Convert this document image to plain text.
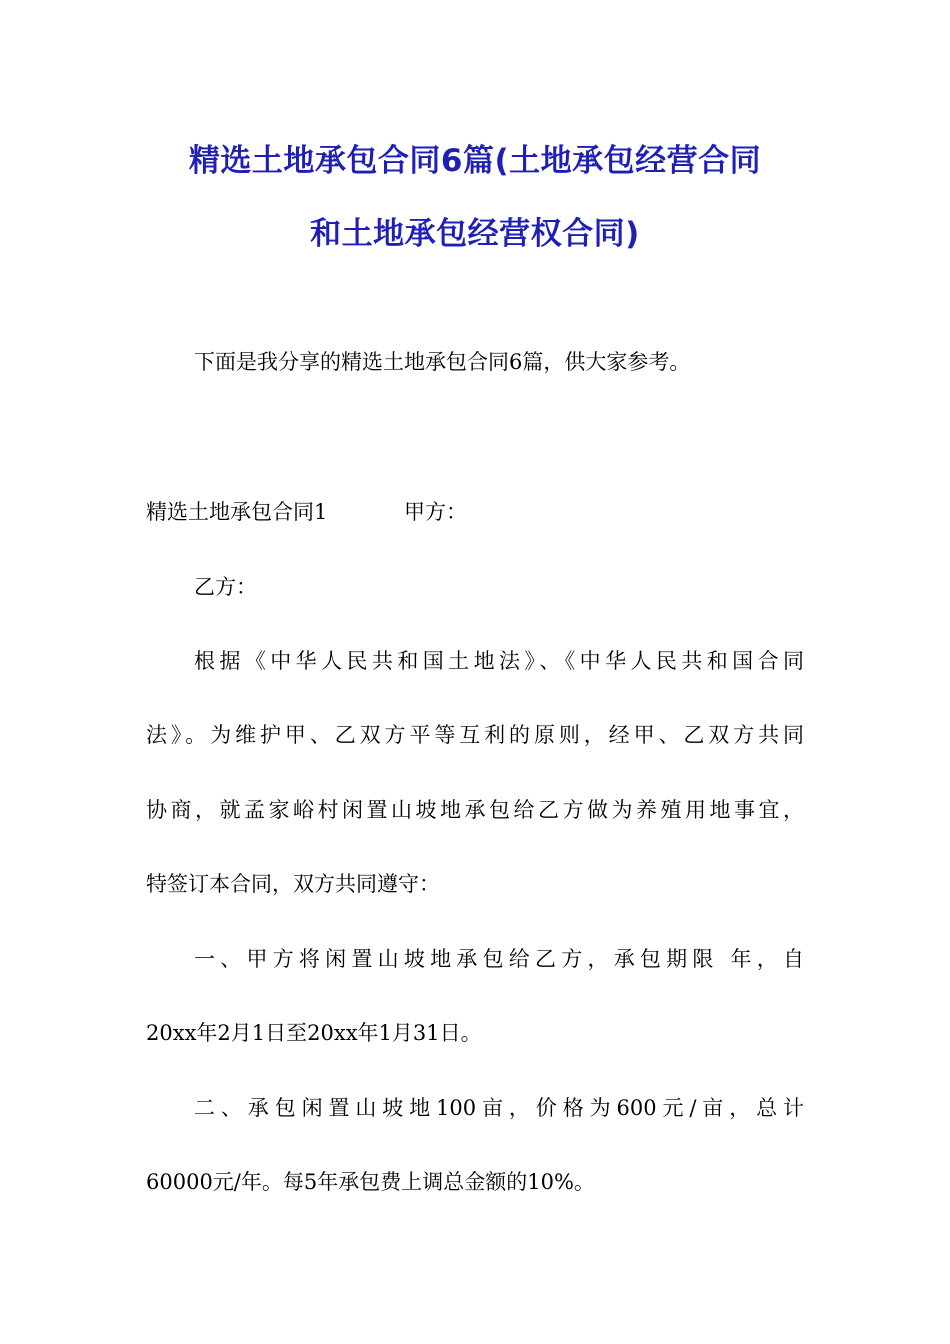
精选土地承包合同6篇(土地承包经营合同
和土地承包经营权合同)
下面是我分享的精选土地承包合同6篇，供大家参考。
精选土地承包合同1	甲方：
乙方：
根据《中华人民共和国土地法》、《中华人民共和国合同
法》。为维护甲、乙双方平等互利的原则，经甲、乙双方共同
协商，就孟家峪村闲置山坡地承包给乙方做为养殖用地事宜，
特签订本合同，双方共同遵守：
一、甲方将闲置山坡地承包给乙方，承包期限 年，自
20xx年2月1日至20xx年1月31日。
二、承包闲置山坡地100亩，价格为600元/亩，总计
60000元/年。每5年承包费上调总金额的10%。
